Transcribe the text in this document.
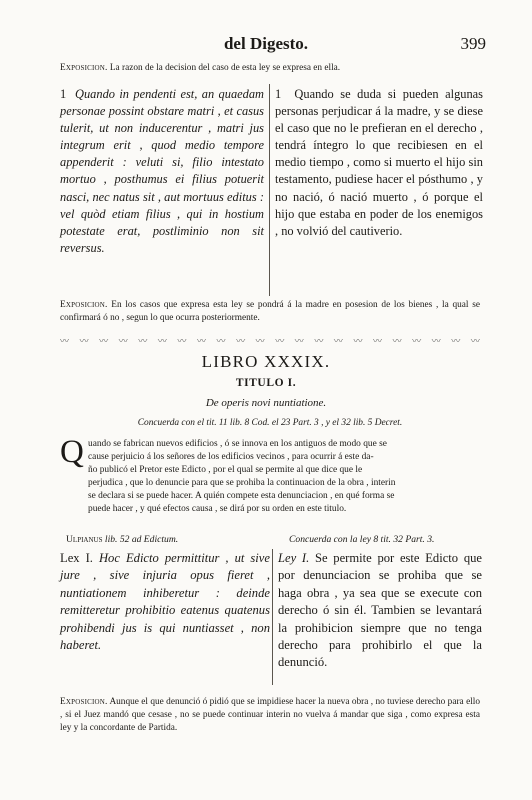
del Digesto.	399
Exposicion. La razon de la decision del caso de esta ley se expresa en ella.

1 Quando in pendenti est, an quaedam personae possint obstare matri , et casus tulerit, ut non inducerentur , matri jus integrum erit , quod medio tempore appenderit : veluti si, filio intestato mortuo , posthumus ei filius potuerit nasci, nec natus sit , aut mortuus editus : vel quòd etiam filius , qui in hostium potestate erat, postliminio non sit reversus.

1 Quando se duda si pueden algunas personas perjudicar á la madre, y se diese el caso que no le prefieran en el derecho , tendrá íntegro lo que recibiesen en el medio tiempo , como si muerto el hijo sin testamento, pudiese hacer el pósthumo , y no nació, ó nació muerto , ó porque el hijo que estaba en poder de los enemigos , no volvió del cautiverio.

Exposicion. En los casos que expresa esta ley se pondrá á la madre en posesion de los bienes , la qual se confirmará ó no , segun lo que ocurra posteriormente.
〰 〰 〰 〰 〰 〰 〰 〰 〰 〰 〰 〰 〰 〰 〰 〰 〰 〰 〰 〰 〰 〰
LIBRO XXXIX.
TITULO I.
De operis novi nuntiatione.
Concuerda con el tit. 11 lib. 8 Cod. el 23 Part. 3 , y el 32 lib. 5 Decret.
Q uando se fabrican nuevos edificios , ó se innova en los antiguos de modo que se
cause perjuicio á los señores de los edificios vecinos , para ocurrir á este da-
ño publicó el Pretor este Edicto , por el qual se permite al que dice que le
perjudica , que lo denuncie para que se prohiba la continuacion de la obra , interin
se declara si se puede hacer. A quién compete esta denunciacion , en qué forma se
puede hacer , y qué efectos causa , se dirá por su orden en este titulo.
Ulpianus lib. 52 ad Edictum.	Concuerda con la ley 8 tit. 32 Part. 3.

Lex I. Hoc Edicto permittitur , ut sive jure , sive injuria opus fieret , nuntiationem inhiberetur : deinde remitteretur prohibitio eatenus quatenus prohibendi jus is qui nuntiasset , non haberet.

Ley I. Se permite por este Edicto que por denunciacion se prohiba que se haga obra , ya sea que se execute con derecho ó sin él. Tambien se levantará la prohibicion siempre que no tenga derecho para prohibirlo el que la denunció.

Exposicion. Aunque el que denunció ó pidió que se impidiese hacer la nueva obra , no tuviese derecho para ello , si el Juez mandó que cesase , no se puede continuar interin no vuelva á mandar que siga , como expresa esta ley y la concordante de Partida.
